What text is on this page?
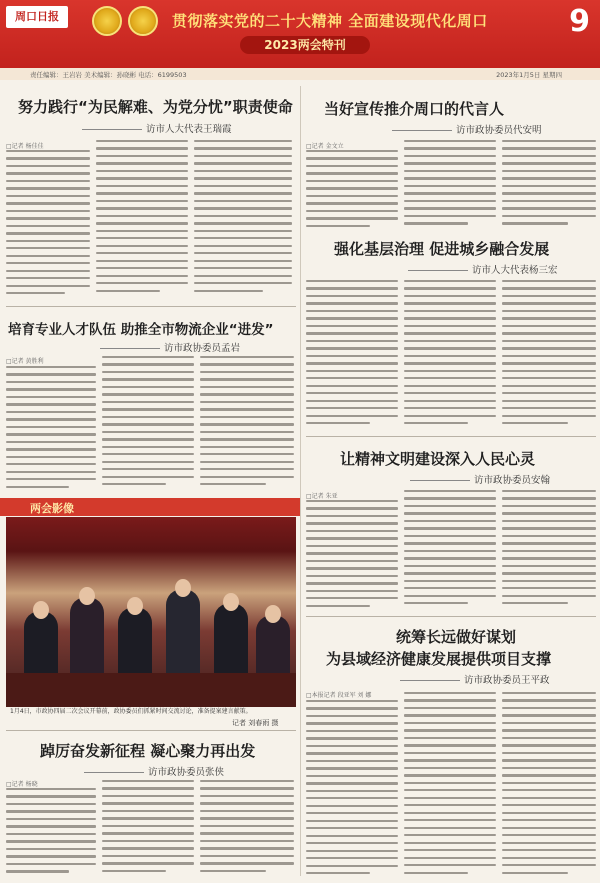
周口日报	贯彻落实党的二十大精神 全面建设现代化周口
2023两会特刊
9
责任编辑：王岩岩 美术编辑：孙晓彬 电话：6199503	2023年1月5日 星期四
努力践行“为民解难、为党分忧”职责使命
访市人大代表王瑞霞
□记者 杨佳佳
培育专业人才队伍 助推全市物流企业“进发”
访市政协委员孟岩
□记者 黄胜利
两会影像
1月4日，市政协四届二次会议开幕前，政协委员们抓紧时间交流讨论，准备提案建言献策。
记者 刘春雨 摄
踔厉奋发新征程 凝心聚力再出发
访市政协委员张侠
□记者 杨晓
当好宣传推介周口的代言人
访市政协委员代安明
□记者 金文立
强化基层治理 促进城乡融合发展
访市人大代表杨三宏
让精神文明建设深入人民心灵
访市政协委员安翰
□记者 朱亚
统筹长远做好谋划
为县域经济健康发展提供项目支撑
访市政协委员王平政
□本报记者 段亚军 刘 娜
